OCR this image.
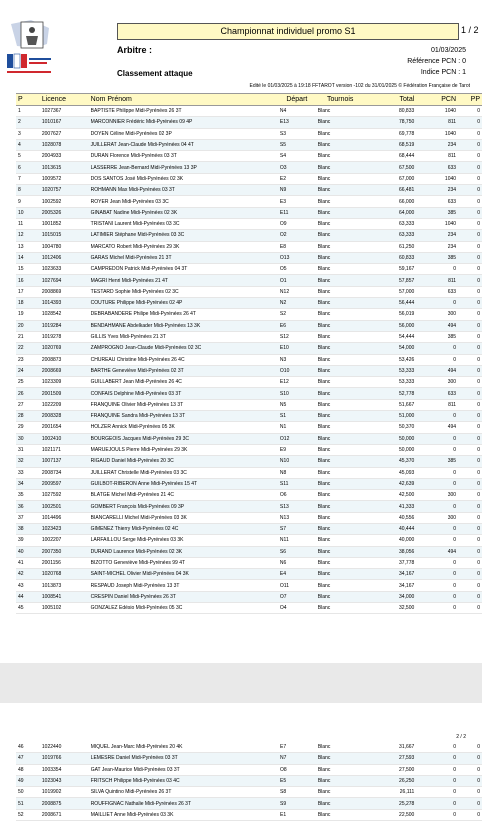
Championnat individuel promo S1	1 / 2
Arbitre :	01/03/2025
Référence PCN : 0
Indice PCN : 1
Classement attaque
Edité le 01/03/2025 à 19:18 FFTAROT version -102 du 31/01/2025 © Fédération Française de Tarot
P	Licence	Nom Prénom	Départ	Tournois	Total	PCN	PP
1	1027367	BAPTISTE Philippe Midi-Pyrénées 26 3T	N4	Blanc	80,833	1040	0
2	1010167	MARCONNIER Frédéric Midi-Pyrénées 09 4P	E13	Blanc	78,750	811	0
3	2007627	DOYEN Céline Midi-Pyrénées 02 3P	S3	Blanc	69,778	1040	0
4	1028078	JUILLERAT Jean-Claude Midi-Pyrénées 04 4T	S5	Blanc	68,519	234	0
5	2004933	DURAN Florence Midi-Pyrénées 03 3T	S4	Blanc	68,444	811	0
6	1013615	LASSERRE Jean-Bernard Midi-Pyrénées 13 3P	O3	Blanc	67,500	633	0
7	1009572	DOS SANTOS José Midi-Pyrénées 02 3K	E2	Blanc	67,000	1040	0
8	1020757	ROHMANN Max Midi-Pyrénées 03 3T	N9	Blanc	66,481	234	0
9	1002592	ROYER Jean Midi-Pyrénées 03 3C	E3	Blanc	66,000	633	0
10	2005326	GINABAT Nadine Midi-Pyrénées 02 3K	E11	Blanc	64,000	385	0
11	1001852	TRISTANI Laurent Midi-Pyrénées 03 3C	O9	Blanc	63,333	1040	0
12	1015015	LATIMIER Stéphane Midi-Pyrénées 03 3C	O2	Blanc	63,333	234	0
13	1004780	MARCATO Robert Midi-Pyrénées 29 3K	E8	Blanc	61,250	234	0
14	1012406	GARAS Michel Midi-Pyrénées 21 3T	O13	Blanc	60,833	385	0
15	1023633	CAMPREDON Patrick Midi-Pyrénées 04 3T	O5	Blanc	59,167	0	0
16	1027694	MAGRI Henri Midi-Pyrénées 21 4T	O1	Blanc	57,857	811	0
17	2008869	TESTARD Sophie Midi-Pyrénées 02 3C	N12	Blanc	57,000	633	0
18	1014393	COUTURE Philippe Midi-Pyrénées 02 4P	N2	Blanc	56,444	0	0
19	1028542	DEBRABANDERE Philipe Midi-Pyrénées 26 4T	S2	Blanc	56,019	300	0
20	1019284	BENDAHMANE Abdelkader Midi-Pyrénées 13 3K	E6	Blanc	56,000	494	0
21	1019278	GILLIS Yves Midi-Pyrénées 21 3T	S12	Blanc	54,444	385	0
22	1020769	ZAMPROGNO Jean-Claude Midi-Pyrénées 02 3C	E10	Blanc	54,000	0	0
23	2008873	CHUREAU Christine Midi-Pyrénées 26 4C	N3	Blanc	53,426	0	0
24	2008669	BARTHE Geneviève Midi-Pyrénées 02 3T	O10	Blanc	53,333	494	0
25	1023309	GUILLABERT Jean Midi-Pyrénées 26 4C	E12	Blanc	53,333	300	0
26	2001509	CONFAIS Delphine Midi-Pyrénées 03 3T	S10	Blanc	52,778	633	0
27	1022209	FRANQUINE Olivier Midi-Pyrénées 13 3T	N5	Blanc	51,667	811	0
28	2008328	FRANQUINE Sandra Midi-Pyrénées 13 3T	S1	Blanc	51,000	0	0
29	2001654	HOLZER Annick Midi-Pyrénées 05 3K	N1	Blanc	50,370	494	0
30	1002410	BOURGEOIS Jacques Midi-Pyrénées 29 3C	O12	Blanc	50,000	0	0
31	1021171	MARUEJOULS Pierre Midi-Pyrénées 29 3K	E9	Blanc	50,000	0	0
32	1007137	RIGAUD Daniel Midi-Pyrénées 20 3C	N10	Blanc	45,370	385	0
33	2008734	JUILLERAT Christelle Midi-Pyrénées 03 3C	N8	Blanc	45,093	0	0
34	2009597	GUILBOT-RIBERON Anne Midi-Pyrénées 15 4T	S11	Blanc	42,639	0	0
35	1027592	BLATGE Michel Midi-Pyrénées 21 4C	O6	Blanc	42,500	300	0
36	1002501	GOMBERT François Midi-Pyrénées 09 3P	S13	Blanc	41,333	0	0
37	1014496	BIANCARELLI Michel Midi-Pyrénées 03 3K	N13	Blanc	40,556	300	0
38	1023423	GIMENEZ Thierry Midi-Pyrénées 02 4C	S7	Blanc	40,444	0	0
39	1002207	LARFAILLOU Serge Midi-Pyrénées 03 3K	N11	Blanc	40,000	0	0
40	2007350	DURAND Laurence Midi-Pyrénées 02 3K	S6	Blanc	38,056	494	0
41	2001156	BIZOTTO Geneviève Midi-Pyrénées 99 4T	N6	Blanc	37,778	0	0
42	1020768	SAINT-MICHEL Olivier Midi-Pyrénées 04 3K	E4	Blanc	34,167	0	0
43	1013873	RESPAUD Joseph Midi-Pyrénées 13 3T	O11	Blanc	34,167	0	0
44	1008541	CRESPIN Daniel Midi-Pyrénées 26 3T	O7	Blanc	34,000	0	0
45	1005102	GONZALEZ Edésio Midi-Pyrénées 05 3C	O4	Blanc	32,500	0	0
2 / 2
46	1022440	MIQUEL Jean-Marc Midi-Pyrénées 20 4K	E7	Blanc	31,667	0	0
47	1019766	LEMESRE Daniel Midi-Pyrénées 03 3T	N7	Blanc	27,593	0	0
48	1003354	GAT Jean-Maurice Midi-Pyrénées 03 3T	O8	Blanc	27,500	0	0
49	1023043	FRITSCH Philippe Midi-Pyrénées 03 4C	E5	Blanc	26,250	0	0
50	1019902	SILVA Quintino Midi-Pyrénées 26 3T	S8	Blanc	26,111	0	0
51	2008875	ROUFFIGNAC Nathalie Midi-Pyrénées 26 3T	S9	Blanc	25,278	0	0
52	2008671	MAILLIET Anne Midi-Pyrénées 03 3K	E1	Blanc	22,500	0	0
